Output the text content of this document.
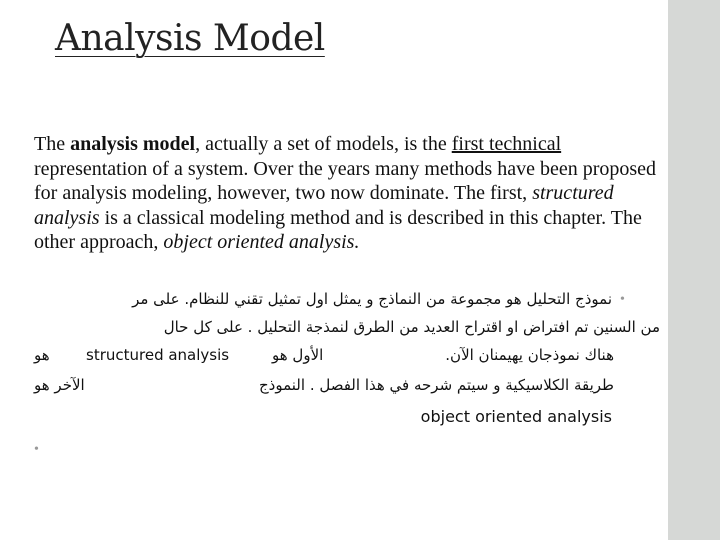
Analysis Model
The analysis model, actually a set of models, is the first technical representation of a system. Over the years many methods have been proposed for analysis modeling, however, two now dominate. The first, structured analysis is a classical modeling method and is described in this chapter. The other approach, object oriented analysis.
•
نموذج التحليل هو مجموعة من النماذج و يمثل اول تمثيل تقني للنظام. على مر
من السنين تم افتراض او اقتراح العديد من الطرق لنمذجة التحليل . على كل حال
هناك نموذجان يهيمنان الآن.
الأول هو
structured analysis
هو
طريقة الكلاسيكية و سيتم شرحه في هذا الفصل . النموذج
الآخر هو
object oriented analysis
•
